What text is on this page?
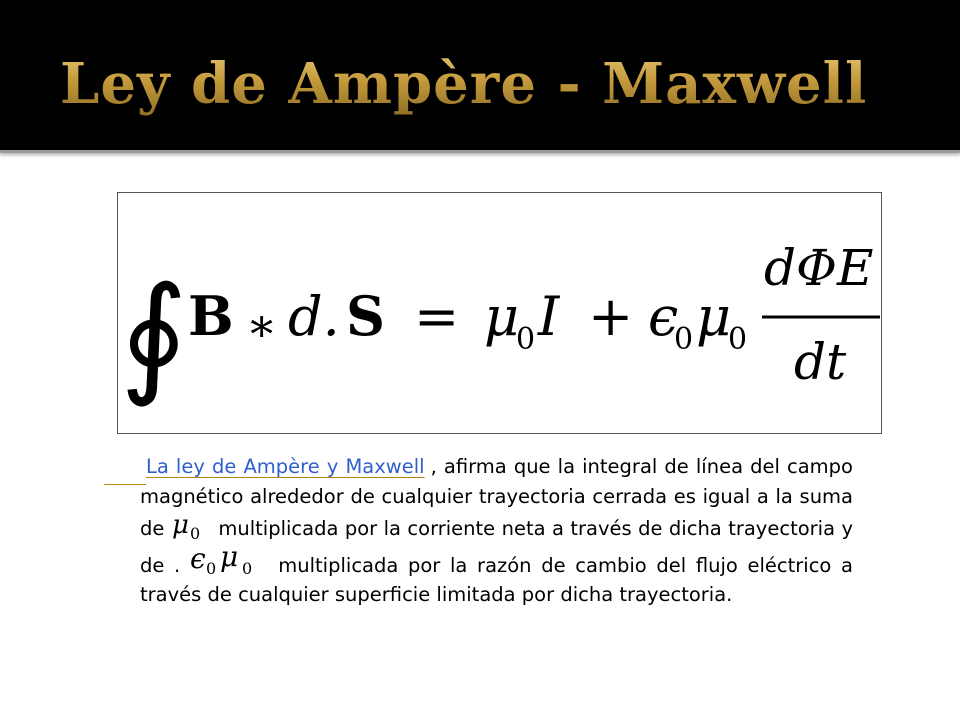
Ley de Ampère - Maxwell
∮ B ∗ d. S = μ
0 I + ϵ
0 μ
0
dΦE
dt

La ley de Ampère y Maxwell , afirma que la integral de línea del campo magnético alrededor de cualquier trayectoria cerrada es igual a la suma de μ 0 multiplicada por la corriente neta a través de dicha trayectoria y de . ϵ 0 μ 0 multiplicada por la razón de cambio del flujo eléctrico a través de cualquier superficie limitada por dicha trayectoria.
